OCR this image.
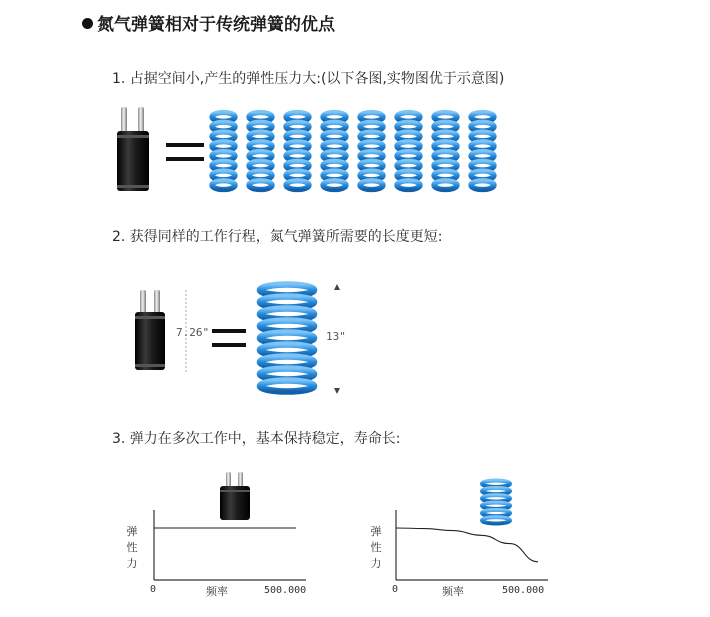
氮气弹簧相对于传统弹簧的优点
1. 占据空间小,产生的弹性压力大:(以下各图,实物图优于示意图)
2. 获得同样的工作行程，氮气弹簧所需要的长度更短:
7.26"	13"
3. 弹力在多次工作中，基本保持稳定，寿命长:
弹
性
力
0	频率	500.000
弹
性
力
0	频率	500.000
